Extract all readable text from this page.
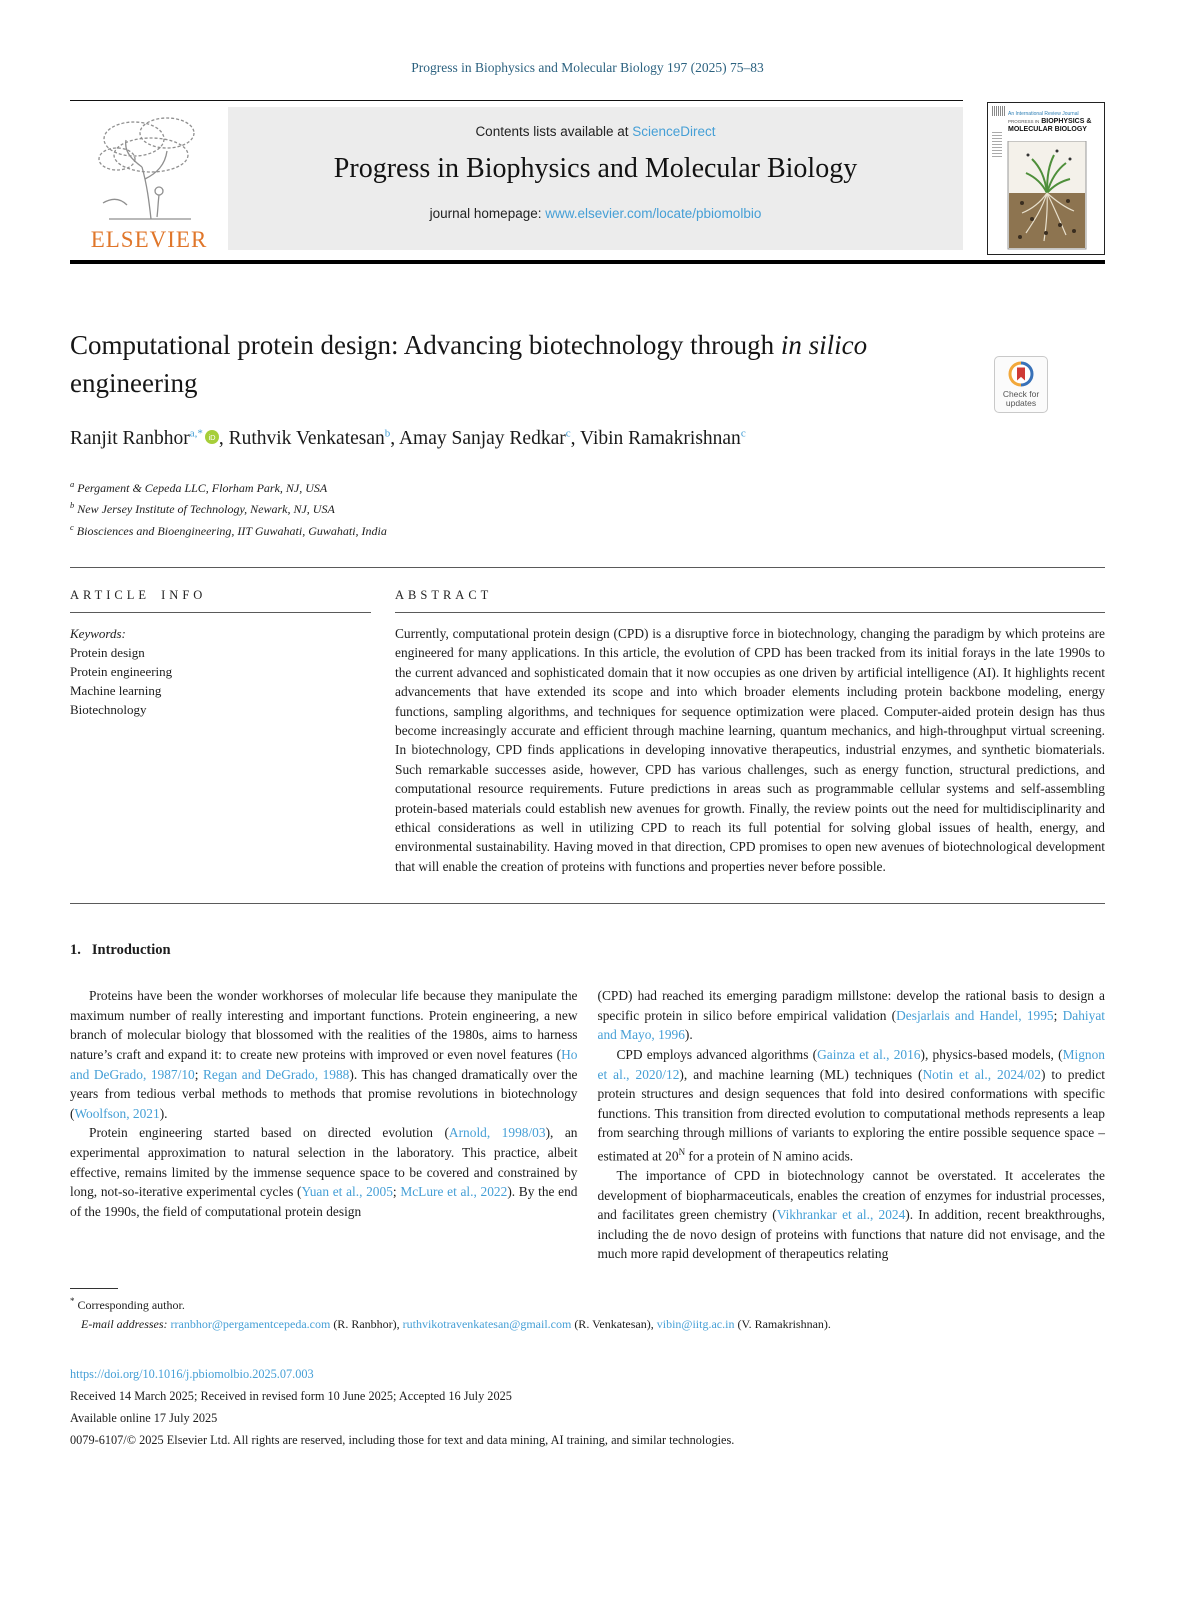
Progress in Biophysics and Molecular Biology 197 (2025) 75–83
ELSEVIER
Contents lists available at ScienceDirect
Progress in Biophysics and Molecular Biology
journal homepage: www.elsevier.com/locate/pbiomolbio
An International Review Journal
PROGRESS IN BIOPHYSICS &
MOLECULAR BIOLOGY
Check for
updates
Computational protein design: Advancing biotechnology through in silico engineering
Ranjit Ranbhor$^{a,*}$ iD , Ruthvik Venkatesan$^b$, Amay Sanjay Redkar$^c$, Vibin Ramakrishnan$^c$
$^a$ Pergament & Cepeda LLC, Florham Park, NJ, USA
$^b$ New Jersey Institute of Technology, Newark, NJ, USA
$^c$ Biosciences and Bioengineering, IIT Guwahati, Guwahati, India
ARTICLE INFO
Keywords:
Protein design
Protein engineering
Machine learning
Biotechnology
ABSTRACT

Currently, computational protein design (CPD) is a disruptive force in biotechnology, changing the paradigm by which proteins are engineered for many applications. In this article, the evolution of CPD has been tracked from its initial forays in the late 1990s to the current advanced and sophisticated domain that it now occupies as one driven by artificial intelligence (AI). It highlights recent advancements that have extended its scope and into which broader elements including protein backbone modeling, energy functions, sampling algorithms, and techniques for sequence optimization were placed. Computer-aided protein design has thus become increasingly accurate and efficient through machine learning, quantum mechanics, and high-throughput virtual screening. In biotechnology, CPD finds applications in developing innovative therapeutics, industrial enzymes, and synthetic biomaterials. Such remarkable successes aside, however, CPD has various challenges, such as energy function, structural predictions, and computational resource requirements. Future predictions in areas such as programmable cellular systems and self-assembling protein-based materials could establish new avenues for growth. Finally, the review points out the need for multidisciplinarity and ethical considerations as well in utilizing CPD to reach its full potential for solving global issues of health, energy, and environmental sustainability. Having moved in that direction, CPD promises to open new avenues of biotechnological development that will enable the creation of proteins with functions and properties never before possible.

1. Introduction

Proteins have been the wonder workhorses of molecular life because they manipulate the maximum number of really interesting and important functions. Protein engineering, a new branch of molecular biology that blossomed with the realities of the 1980s, aims to harness nature’s craft and expand it: to create new proteins with improved or even novel features (Ho and DeGrado, 1987/10; Regan and DeGrado, 1988). This has changed dramatically over the years from tedious verbal methods to methods that promise revolutions in biotechnology (Woolfson, 2021).

Protein engineering started based on directed evolution (Arnold, 1998/03), an experimental approximation to natural selection in the laboratory. This practice, albeit effective, remains limited by the immense sequence space to be covered and constrained by long, not-so-iterative experimental cycles (Yuan et al., 2005; McLure et al., 2022). By the end of the 1990s, the field of computational protein design

(CPD) had reached its emerging paradigm millstone: develop the rational basis to design a specific protein in silico before empirical validation (Desjarlais and Handel, 1995; Dahiyat and Mayo, 1996).

CPD employs advanced algorithms (Gainza et al., 2016), physics-based models, (Mignon et al., 2020/12), and machine learning (ML) techniques (Notin et al., 2024/02) to predict protein structures and design sequences that fold into desired conformations with specific functions. This transition from directed evolution to computational methods represents a leap from searching through millions of variants to exploring the entire possible sequence space – estimated at $20^N$ for a protein of N amino acids.

The importance of CPD in biotechnology cannot be overstated. It accelerates the development of biopharmaceuticals, enables the creation of enzymes for industrial processes, and facilitates green chemistry (Vikhrankar et al., 2024). In addition, recent breakthroughs, including the de novo design of proteins with functions that nature did not envisage, and the much more rapid development of therapeutics relating

* Corresponding author.
E-mail addresses: rranbhor@pergamentcepeda.com (R. Ranbhor), ruthvikotravenkatesan@gmail.com (R. Venkatesan), vibin@iitg.ac.in (V. Ramakrishnan).
https://doi.org/10.1016/j.pbiomolbio.2025.07.003
Received 14 March 2025; Received in revised form 10 June 2025; Accepted 16 July 2025
Available online 17 July 2025
0079-6107/© 2025 Elsevier Ltd. All rights are reserved, including those for text and data mining, AI training, and similar technologies.
